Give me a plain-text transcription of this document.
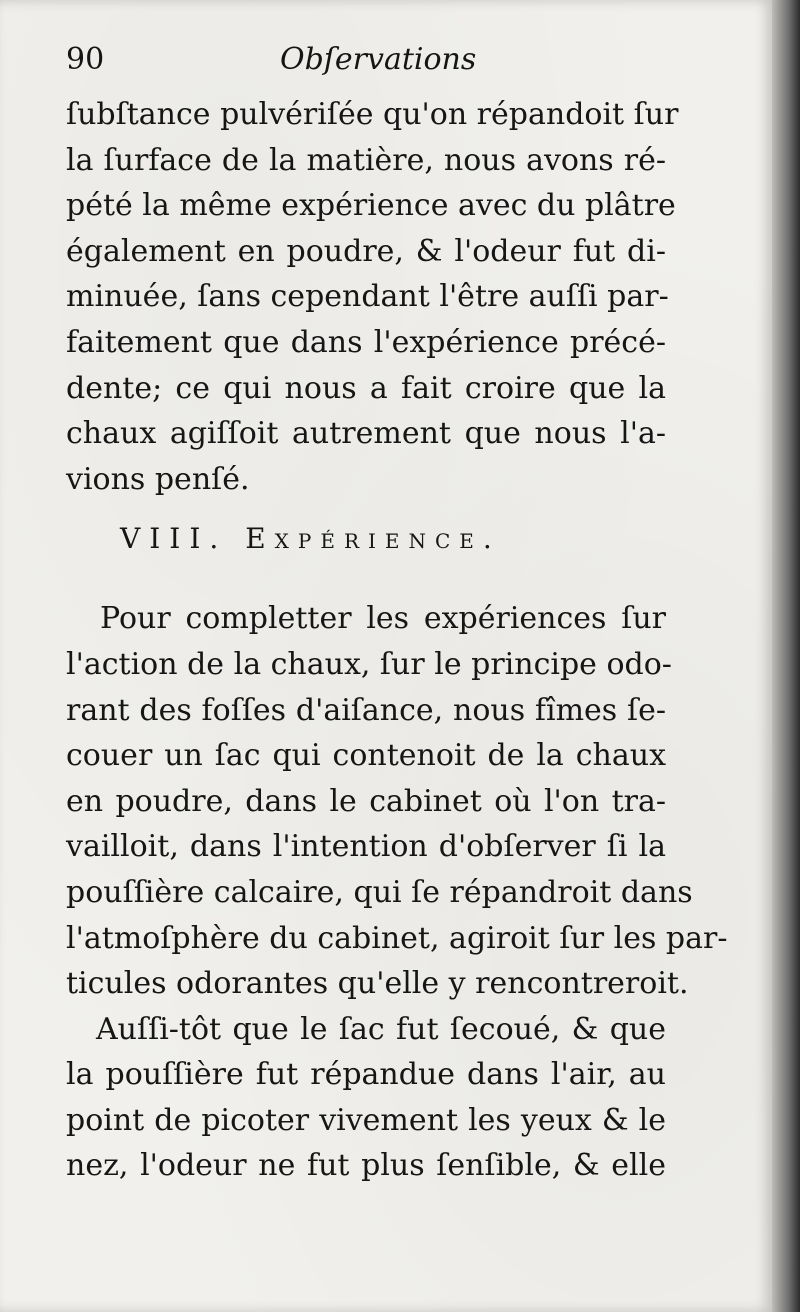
90	Obſervations
ſubſtance pulvériſée qu'on répandoit ſur
la ſurface de la matière, nous avons ré-
pété la même expérience avec du plâtre
également en poudre, & l'odeur fut di-
minuée, ſans cependant l'être auſſi par-
faitement que dans l'expérience précé-
dente; ce qui nous a fait croire que la
chaux agiſſoit autrement que nous l'a-
vions penſé.
VIII. Expérience.
Pour completter les expériences ſur
l'action de la chaux, ſur le principe odo-
rant des foſſes d'aiſance, nous fîmes ſe-
couer un ſac qui contenoit de la chaux
en poudre, dans le cabinet où l'on tra-
vailloit, dans l'intention d'obſerver ſi la
pouſſière calcaire, qui ſe répandroit dans
l'atmoſphère du cabinet, agiroit ſur les par-
ticules odorantes qu'elle y rencontreroit.
Auſſi-tôt que le ſac fut ſecoué, & que
la pouſſière fut répandue dans l'air, au
point de picoter vivement les yeux & le
nez, l'odeur ne fut plus ſenſible, & elle
